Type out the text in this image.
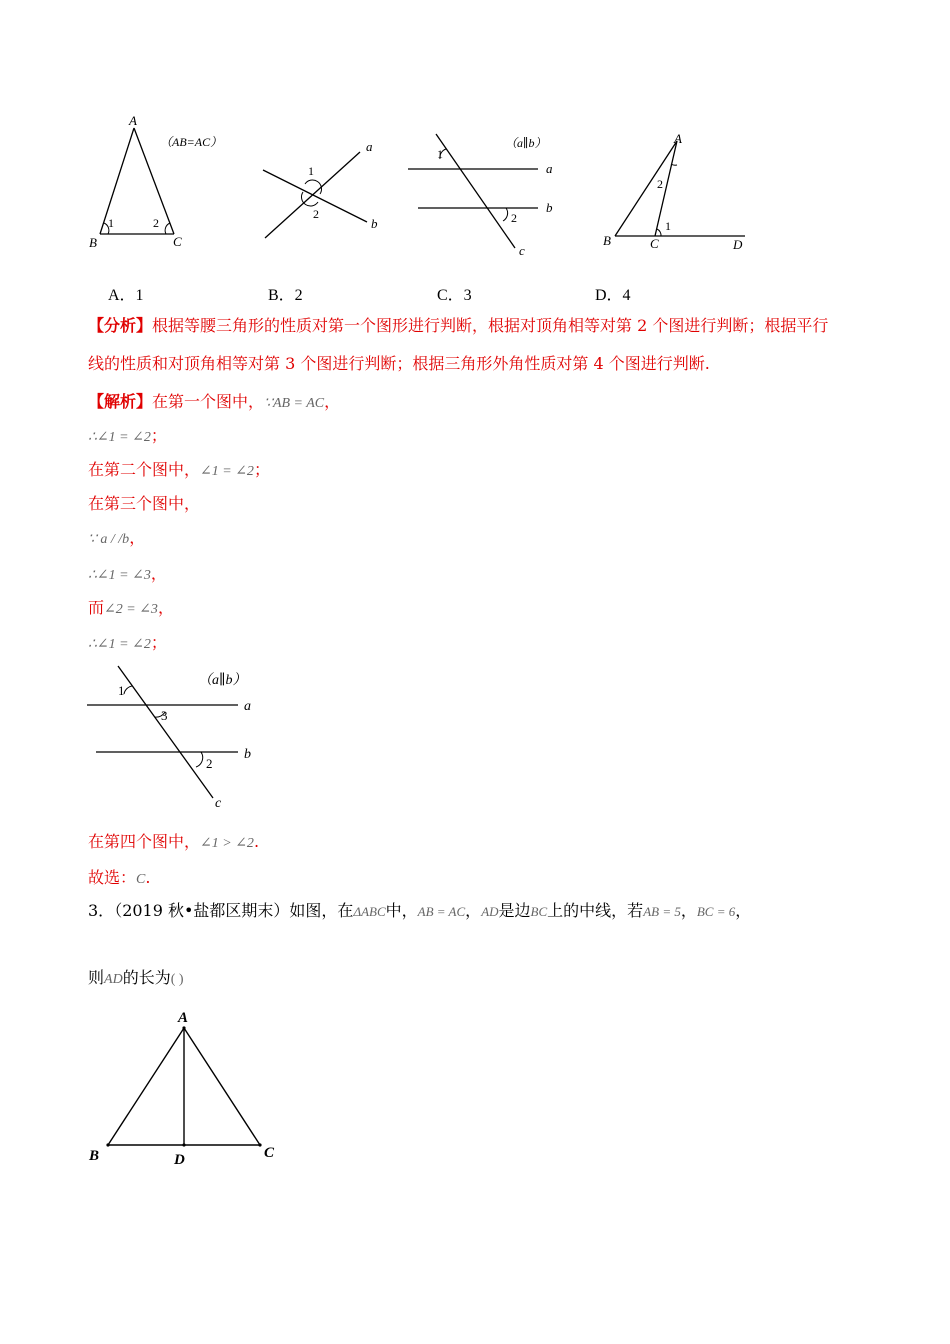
A
B	C
1	2
（AB=AC）	a
b
1
2
（a∥b）
a
b
c
1
2
A
B	C	D
1
2
A．1	B．2	C．3	D．4
【分析】根据等腰三角形的性质对第一个图形进行判断，根据对顶角相等对第 2 个图进行判断；根据平行
线的性质和对顶角相等对第 3 个图进行判断；根据三角形外角性质对第 4 个图进行判断.
【解析】在第一个图中，∵AB = AC，
∴∠1 = ∠2；
在第二个图中，∠1 = ∠2；
在第三个图中，
∵ a / /b，
∴∠1 = ∠3，
而∠2 = ∠3，
∴∠1 = ∠2；
（a∥b）
a
b
c
1
3
2
在第四个图中，∠1 > ∠2.
故选：C.
3．（2019 秋•盐都区期末）如图，在ΔABC中，AB = AC，AD是边BC上的中线，若AB = 5，BC = 6，
则AD的长为( )
A
B	C
D
